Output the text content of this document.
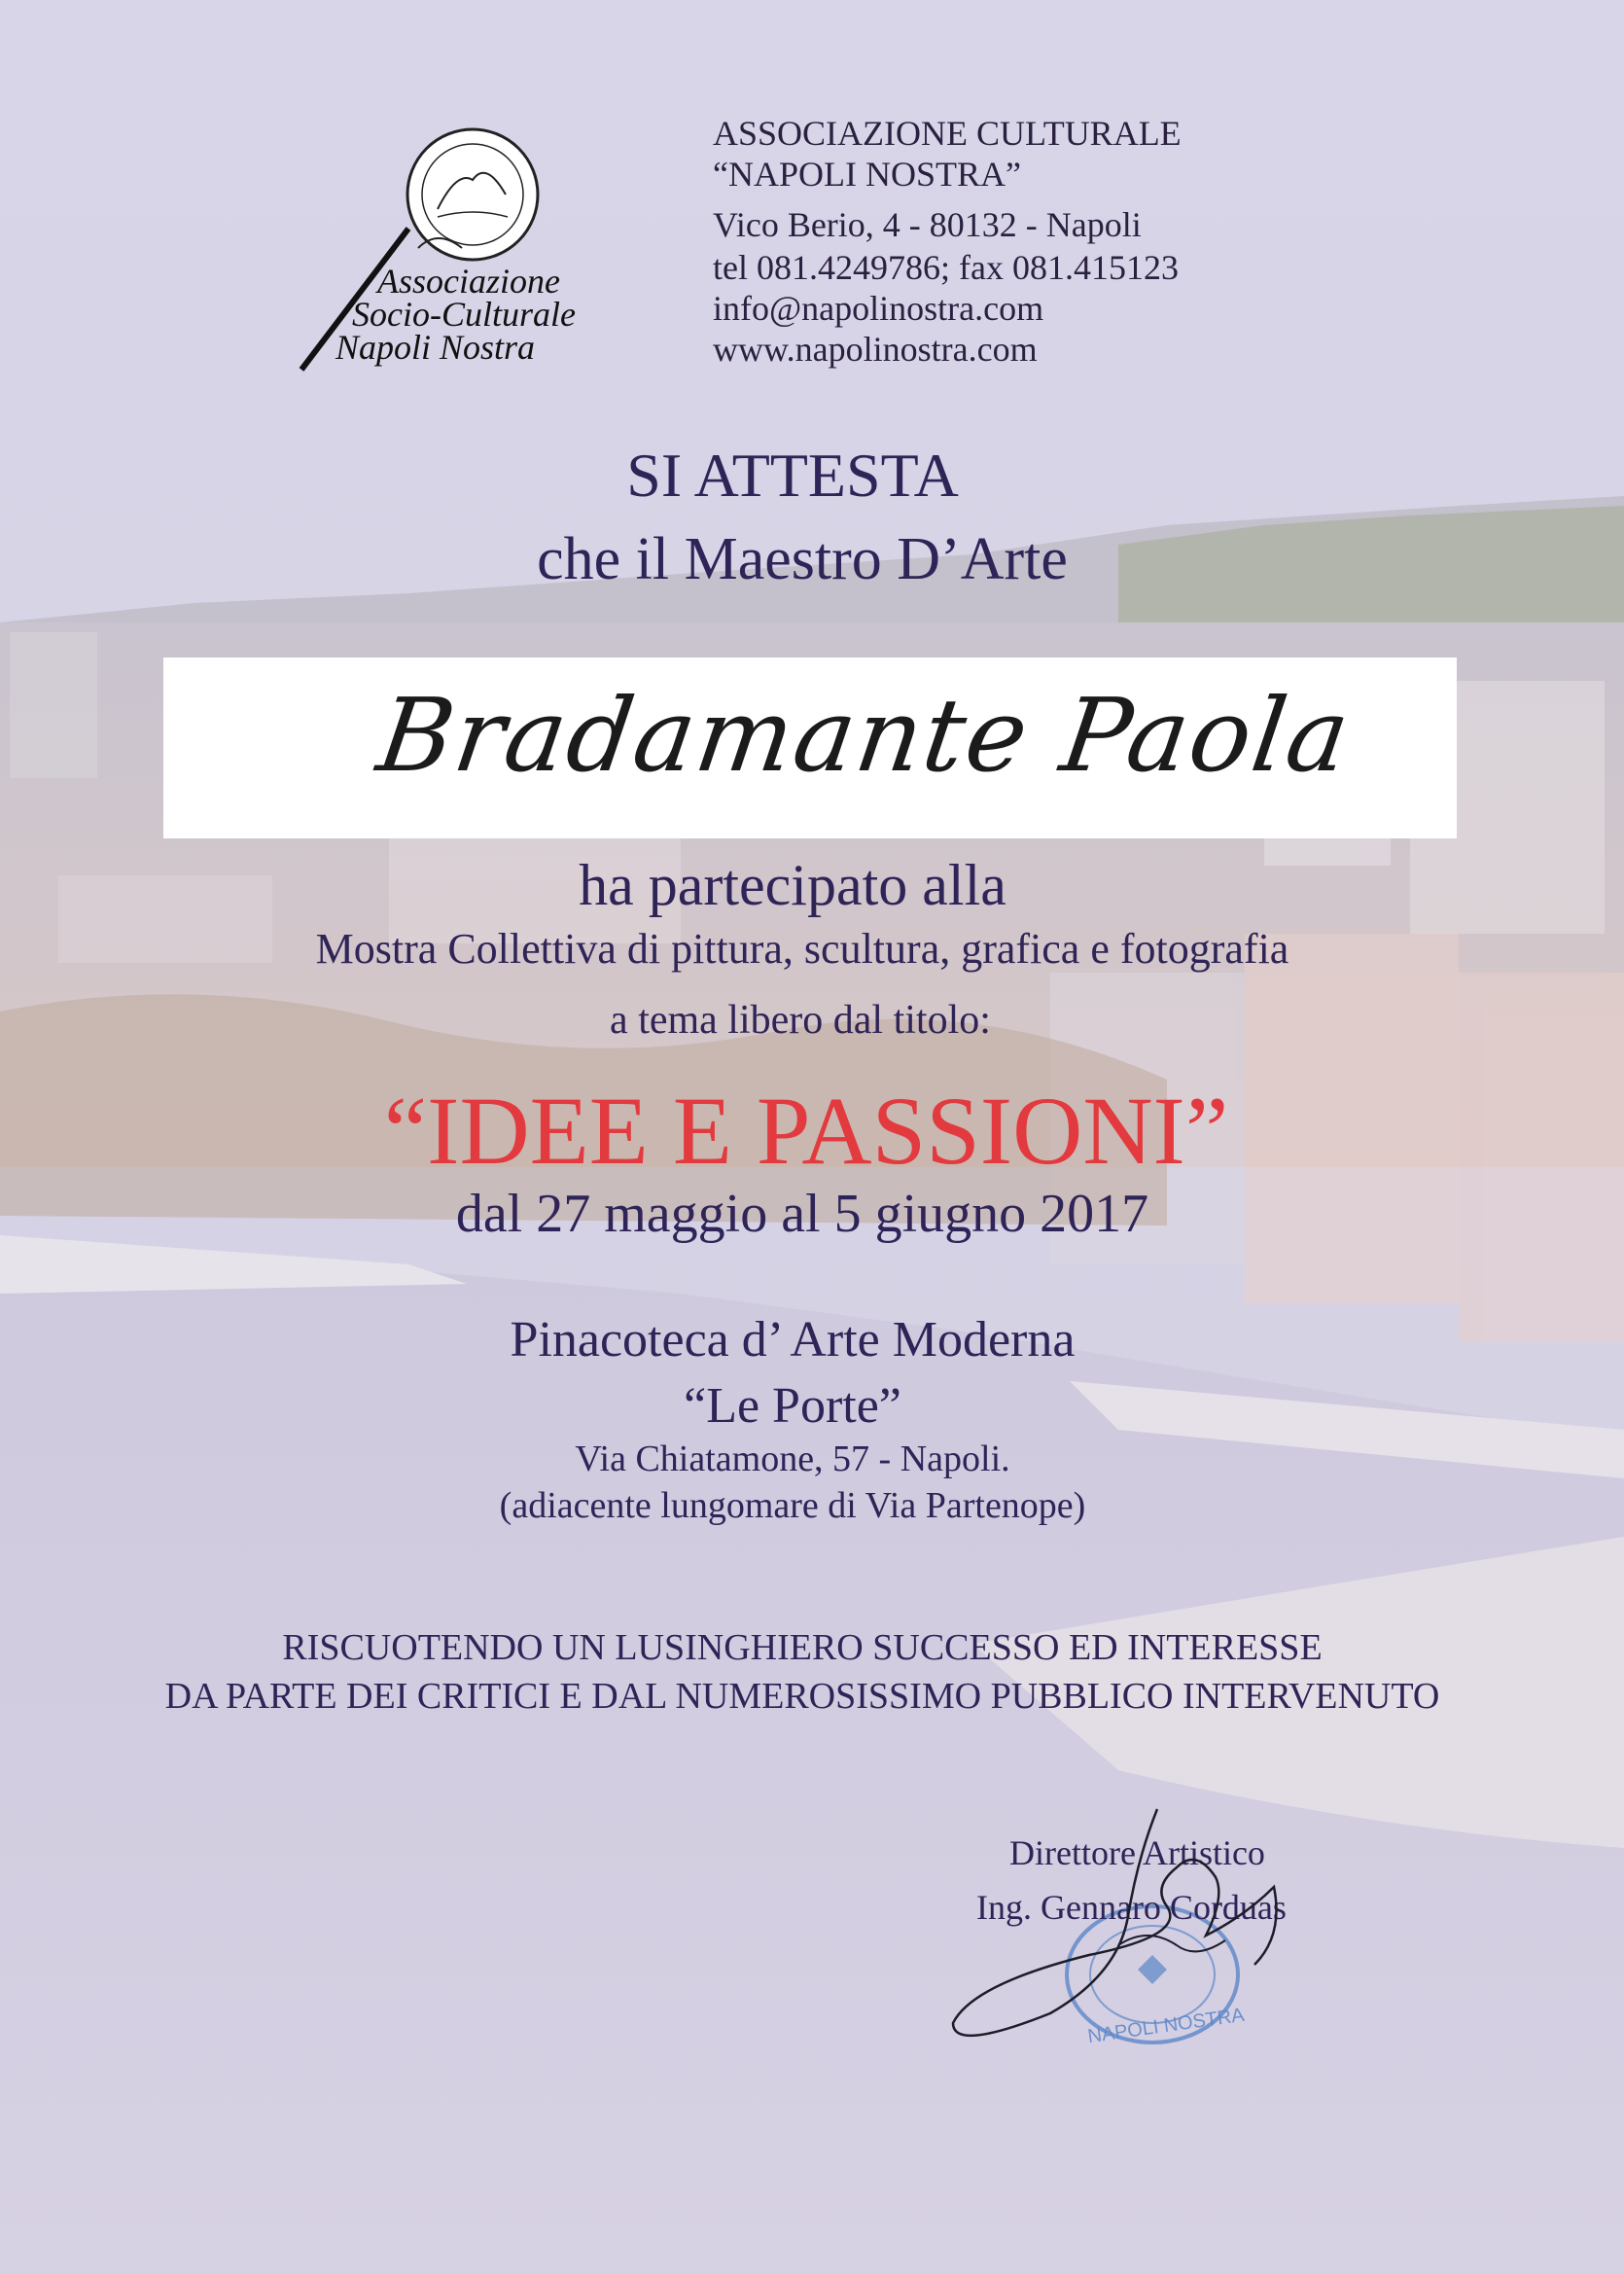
Associazione
Socio-Culturale
Napoli Nostra
ASSOCIAZIONE CULTURALE
“NAPOLI NOSTRA”
Vico Berio, 4 - 80132 - Napoli
tel 081.4249786; fax 081.415123
info@napolinostra.com
www.napolinostra.com
SI ATTESTA
che il Maestro D’Arte
Bradamante Paola
ha partecipato alla
Mostra Collettiva di pittura, scultura, grafica e fotografia
a tema libero dal titolo:
“IDEE E PASSIONI”
dal 27 maggio al 5 giugno 2017
Pinacoteca d’ Arte Moderna
“Le Porte”
Via Chiatamone, 57 - Napoli.
(adiacente lungomare di Via Partenope)
RISCUOTENDO UN LUSINGHIERO SUCCESSO ED INTERESSE
DA PARTE DEI CRITICI E DAL NUMEROSISSIMO PUBBLICO INTERVENUTO
NAPOLI NOSTRA
Direttore Artistico
Ing. Gennaro Corduas
